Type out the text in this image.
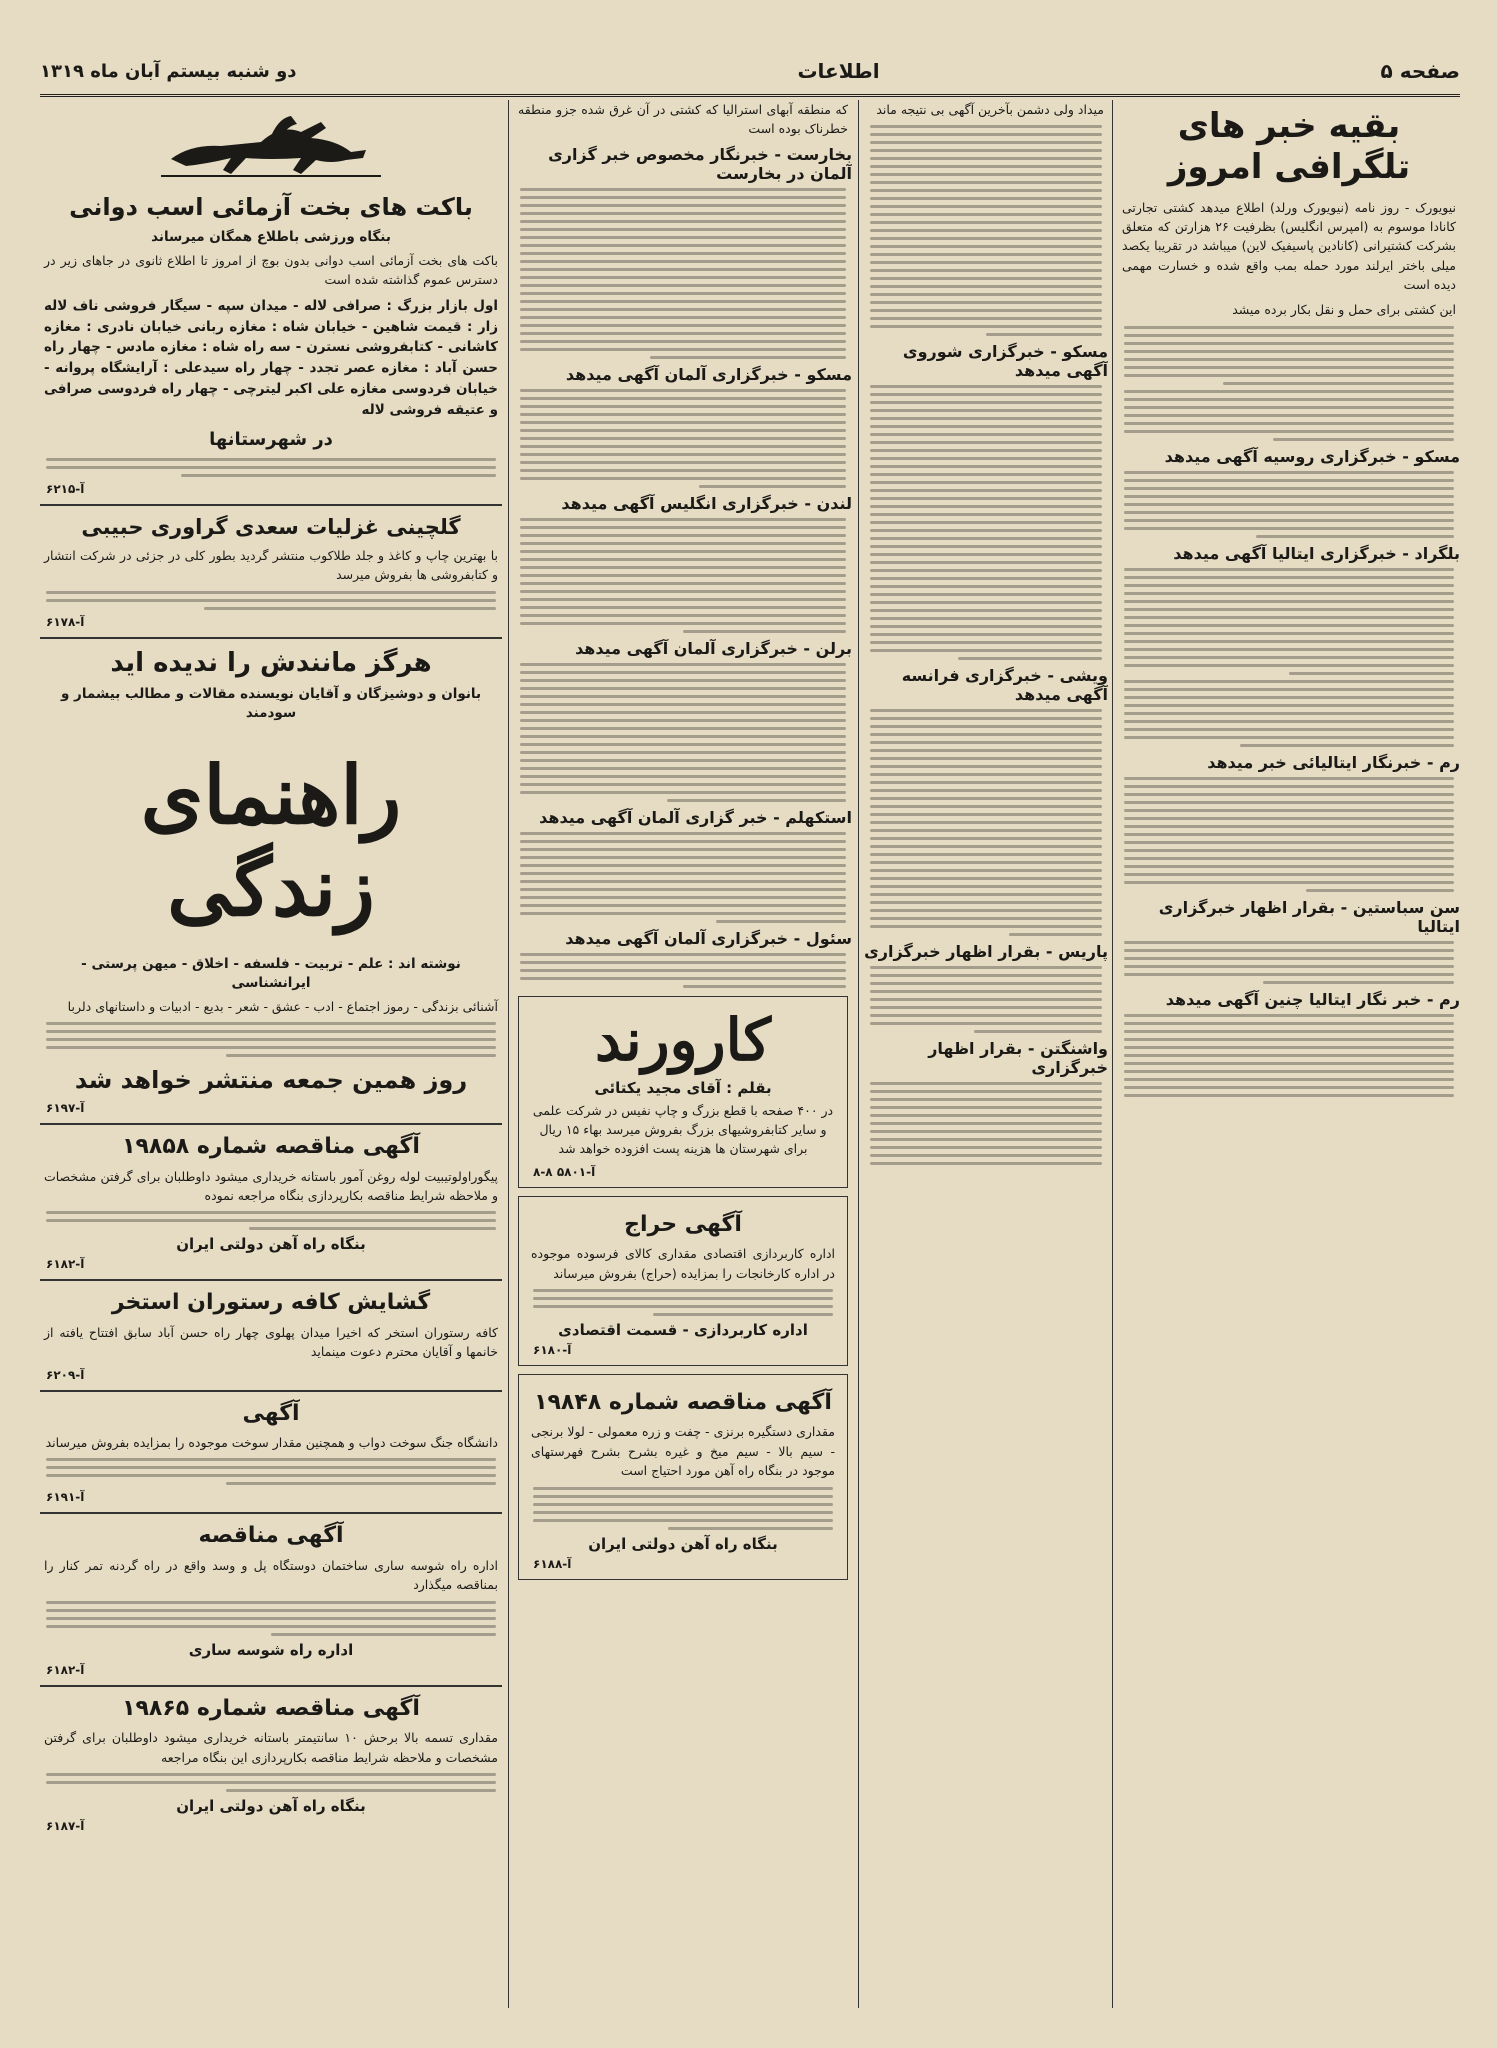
صفحه ۵
اطلاعات
دو شنبه بیستم آبان ماه ۱۳۱۹
بقیه خبر های تلگرافی امروز

نیویورک - روز نامه (نیویورک ورلد) اطلاع میدهد کشتی تجارتی کانادا موسوم به (امپرس انگلیس) بظرفیت ۲۶ هزارتن که متعلق بشرکت کشتیرانی (کانادین پاسیفیک لاین) میباشد در تقریبا یکصد میلی باختر ایرلند مورد حمله بمب واقع شده و خسارت مهمی دیده است

این کشتی برای حمل و نقل بکار برده میشد

مسکو - خبرگزاری روسیه آگهی میدهد
بلگراد - خبرگزاری ایتالیا آگهی میدهد
رم - خبرنگار ایتالیائی خبر میدهد
سن سباستین - بقرار اظهار خبرگزاری ایتالیا
رم - خبر نگار ایتالیا چنین آگهی میدهد

میداد ولی دشمن بآخرین آگهی بی نتیجه ماند

مسکو - خبرگزاری شوروی آگهی میدهد
ویشی - خبرگزاری فرانسه آگهی میدهد
پاریس - بقرار اظهار خبرگزاری
واشنگتن - بقرار اظهار خبرگزاری

که منطقه آبهای استرالیا که کشتی در آن غرق شده جزو منطقه خطرناک بوده است

بخارست - خبرنگار مخصوص خبر گزاری آلمان در بخارست
مسکو - خبرگزاری آلمان آگهی میدهد
لندن - خبرگزاری انگلیس آگهی میدهد
برلن - خبرگزاری آلمان آگهی میدهد
استکهلم - خبر گزاری آلمان آگهی میدهد
سئول - خبرگزاری آلمان آگهی میدهد
کارورند
بقلم : آقای مجید یکتائی

در ۴۰۰ صفحه با قطع بزرگ و چاپ نفیس در شرکت علمی و سایر کتابفروشیهای بزرگ بفروش میرسد بهاء ۱۵ ریال برای شهرستان ها هزینه پست افزوده خواهد شد

۸-۸ آ-۵۸۰۱
آگهی حراج

اداره کاربردازی اقتصادی مقداری کالای فرسوده موجوده در اداره کارخانجات را بمزایده (حراج) بفروش میرساند

اداره کاربردازی - قسمت اقتصادی
آ-۶۱۸۰
آگهی مناقصه شماره ۱۹۸۴۸

مقداری دستگیره برنزی - چفت و زره معمولی - لولا برنجی - سیم بالا - سیم میخ و غیره بشرح بشرح فهرستهای موجود در بنگاه راه آهن مورد احتیاج است

بنگاه راه آهن دولتی ایران
آ-۶۱۸۸
باکت های بخت آزمائی اسب دوانی
بنگاه ورزشی باطلاع همگان میرساند

باکت های بخت آزمائی اسب دوانی بدون بوچ از امروز تا اطلاع ثانوی در جاهای زیر در دسترس عموم گذاشته شده است

اول بازار بزرگ : صرافی لاله - میدان سپه - سیگار فروشی ناف لاله زار : قیمت شاهین - خیابان شاه : مغازه ربانی خیابان نادری : مغازه کاشانی - کتابفروشی نسترن - سه راه شاه : مغازه مادس - چهار راه حسن آباد : مغازه عصر تجدد - چهار راه سیدعلی : آرایشگاه پروانه - خیابان فردوسی مغازه علی اکبر لیترچی - چهار راه فردوسی صرافی و عتیقه فروشی لاله

در شهرستانها
آ-۶۲۱۵
گلچینی غزلیات سعدی گراوری حبیبی

با بهترین چاپ و کاغذ و جلد طلاکوب منتشر گردید بطور کلی در جزئی در شرکت انتشار و کتابفروشی ها بفروش میرسد

آ-۶۱۷۸
هرگز مانندش را ندیده اید
بانوان و دوشیزگان و آقایان نویسنده مقالات و مطالب بیشمار و سودمند
راهنمای زندگی
نوشته اند : علم - تربیت - فلسفه - اخلاق - میهن پرستی - ایرانشناسی

آشنائی بزندگی - رموز اجتماع - ادب - عشق - شعر - بدیع - ادبیات و داستانهای دلربا

روز همین جمعه منتشر خواهد شد
آ-۶۱۹۷
آگهی مناقصه شماره ۱۹۸۵۸

پیگوراولوتیبیت لوله روغن آمور باستانه خریداری میشود داوطلبان برای گرفتن مشخصات و ملاحظه شرایط مناقصه بکارپردازی بنگاه مراجعه نموده

بنگاه راه آهن دولتی ایران
آ-۶۱۸۲
گشایش کافه رستوران استخر

کافه رستوران استخر که اخیرا میدان پهلوی چهار راه حسن آباد سابق افتتاح یافته از خانمها و آقایان محترم دعوت مینماید

آ-۶۲۰۹
آگهی

دانشگاه جنگ سوخت دواب و همچنین مقدار سوخت موجوده را بمزایده بفروش میرساند

آ-۶۱۹۱
آگهی مناقصه

اداره راه شوسه ساری ساختمان دوستگاه پل و وسد واقع در راه گردنه تمر کنار را بمناقصه میگذارد

اداره راه شوسه ساری
آ-۶۱۸۲
آگهی مناقصه شماره ۱۹۸۶۵

مقداری تسمه بالا برحش ۱۰ سانتیمتر باستانه خریداری میشود داوطلبان برای گرفتن مشخصات و ملاحظه شرایط مناقصه بکارپردازی این بنگاه مراجعه

بنگاه راه آهن دولتی ایران
آ-۶۱۸۷
